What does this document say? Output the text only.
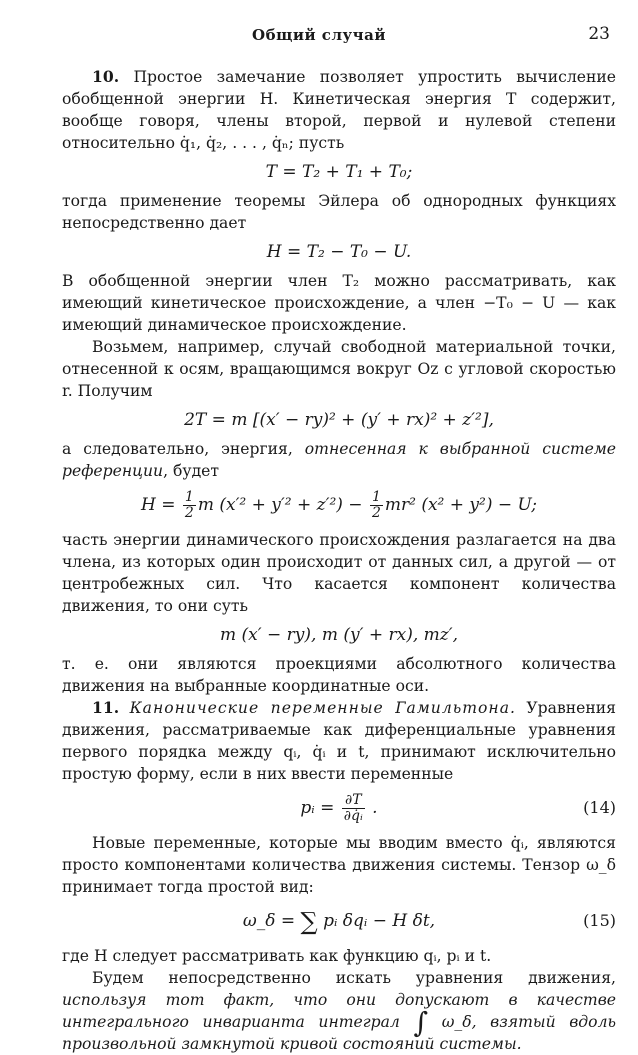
Общий случай	23

10. Простое замечание позволяет упростить вычисление обобщенной энергии H. Кинетическая энергия T содержит, вообще говоря, члены второй, первой и нулевой степени относительно q̇₁, q̇₂, . . . , q̇ₙ; пусть

T = T₂ + T₁ + T₀;

тогда применение теоремы Эйлера об однородных функциях непосредственно дает

H = T₂ − T₀ − U.

В обобщенной энергии член T₂ можно рассматривать, как имеющий кинетическое происхождение, а член −T₀ − U — как имеющий динамическое происхождение.

Возьмем, например, случай свободной материальной точки, отнесенной к осям, вращающимся вокруг Oz с угловой скоростью r. Получим

2T = m [(x′ − ry)² + (y′ + rx)² + z′²],

а следовательно, энергия, отнесенная к выбранной системе референции, будет

$H = \frac{1}{2}$ m $(x'^2 + y'^2 + z'^2) - \frac{1}{2} mr^2$ (x² + y²) − U;

часть энергии динамического происхождения разлагается на два члена, из которых один происходит от данных сил, а другой — от центробежных сил. Что касается компонент количества движения, то они суть

m (x′ − ry), m (y′ + rx), mz′,

т. е. они являются проекциями абсолютного количества движения на выбранные координатные оси.

11. Канонические переменные Гамильтона. Уравнения движения, рассматриваемые как диференциальные уравнения первого порядка между qᵢ, q̇ᵢ и t, принимают исключительно простую форму, если в них ввести переменные

pᵢ = $\frac{\partial T}{\text{∂q̇ᵢ}}$ .	(14)

Новые переменные, которые мы вводим вместо q̇ᵢ, являются просто компонентами количества движения системы. Тензор ω_δ принимает тогда простой вид:

ω_δ = ∑ pᵢ δqᵢ − H δt,	(15)

где H следует рассматривать как функцию qᵢ, pᵢ и t.

Будем непосредственно искать уравнения движения, используя тот факт, что они допускают в качестве интегрального инварианта интеграл ∫ ω_δ, взятый вдоль произвольной замкнутой кривой состояний системы.
